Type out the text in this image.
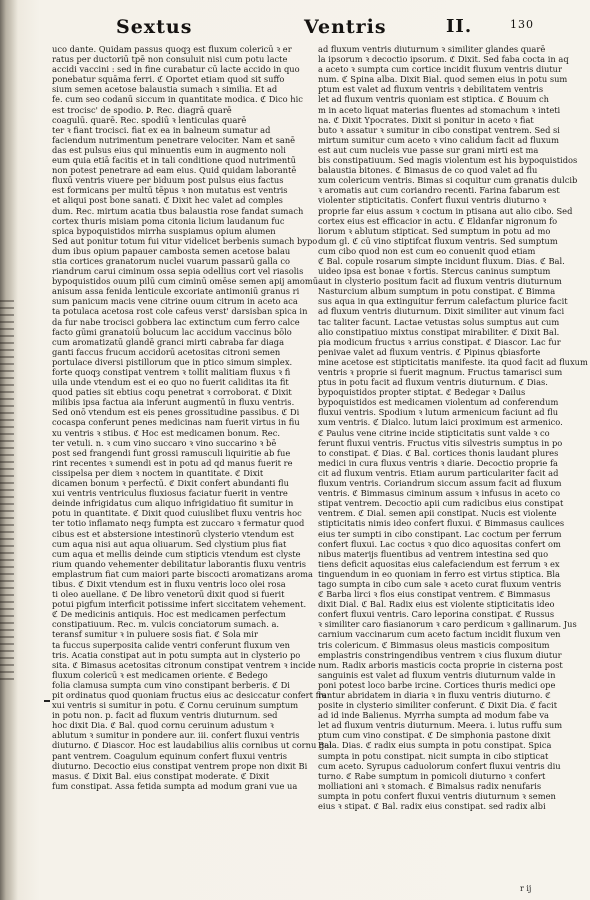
Sextus	Ventris	II.	130
uco dante. Quidam passus quoqȝ est fluxum colericū ꝛ er
ratus per ductoriū tpē non consuluit nisi cum potu lacte
accidi vaccini : sed in fine curabatur cū lacte accido in quo
ponebatur squāma ferri. ℭ Oportet etiam quod sit suffo
sium semen acetose balaustia sumach ꝛ similia. Et ad
fe. cum seo codanū siccum in quantitate modica. ℭ Dico hic
est trocisc' de spodio. Ꝧ. Rec. diagrā quarē
coagulū. quarē. Rec. spodiū ꝛ lenticulas quarē
ter ꝛ fiant trocisci. fiat ex ea in balneum sumatur ad
faciendum nutrimentum penetrare velociter. Nam et sanē
das est pulsus eius qui minuentis eum in augmento noli
eum quia etiā facitis et in tali conditione quod nutrimentū
non potest penetrare ad eam eius. Quid quidam laborantē
fluxū ventris viuere per biduum post pulsus eius factus
est formicans per multū tēpus ꝛ non mutatus est ventris
et aliqui post bone sanati. ℭ Dixit hec valet ad comples
dum. Rec. mirtum acatia tbus balaustia rose fandat sumach
cortex thuris misiam poma citonia licium laudanum fuc
spica bypoquistidos mirrha suspiamus opium alumen
Sed aut ponitur totum fui vitur videlicet berbenis sumach bypo
dum ibus opium papauer cambosta semen acetose balau
stia cortices granatorum nuclei vuarum passarū galla co
riandrum carui ciminum ossa sepia odellius cort vel riasolis
bypoquistidos ouum pilū cum ciminū omēse semen apij amomū
anisum assa fenida lenticule excoriate antimoniū granus ri
sum panicum macis vene citrine ouum citrum in aceto aca
ta potulaca acetosa rost cole cafeus verst' darsisban spica in
da fur nabe trocisci gobbera lac extinctum cum ferro calce
facto gūmi granatoiū bolucum lac accidum vaccinus bōlo
cum aromatizatū glandē granci mirti cabraba far diaga
ganti faccus frucum accidorū acetositas citroni semen
portulace diversi pistillorum que in ptico simum simplex.
forte quoqȝ constipat ventrem ꝛ tollit malitiam fluxus ꝛ fi
uila unde vtendum est ei eo quo no fuerit caliditas ita fit
quod paties sit ebtius coqu penetrat ꝛ corroborat. ℭ Dixit
milibis ipsa factua aia inferunt augmentū in fluxu ventris.
Sed onō vtendum est eis penes grossitudine passibus. ℭ Di
cocaspa conferunt penes medicinas nam fuerit virtus in fiu
xu ventris ꝛ stibus. ℭ Hoc est medicamen bonum. Rec.
ter vetuli. n. ꝛ cum vino succaro ꝛ vino succarino ꝛ bē
post sed frangendi funt grossi ramusculi liquiritie ab fue
rint recentes ꝛ sumendi est in potu ad qd manus fuerit re
cissipelsa per diem ꝛ noctem in quantitate. ℭ Dixit
dicamen bonum ꝛ perfectū. ℭ Dixit confert abundanti flu
xui ventris ventriculus fluxiosus faciatur fuerit in ventre
deinde infrigidatus cum aliquo infrigidatiuo fit sumitur in
potu in quantitate. ℭ Dixit quod cuiuslibet fluxu ventris hoc
ter totio inflamato neqȝ fumpta est zuccaro ꝛ fermatur quod
cibus est et abstersione intestinorū clysterio vtendum est
cum aqua nisi aut aqua oliuarum. Sed clystium pius fiat
cum aqua et mellis deinde cum stipticis vtendum est clyste
rium quando vehementer debilitatur laborantis fluxu ventris
emplastrum fiat cum maiori parte biscocti aromatizans aroma
tibus. ℭ Dixit vtendum est in fluxu ventris loco olei rosa
ti oleo auellane. ℭ De libro venetorū dixit quod si fuerit
potui pigfum interficit potissime infert siccitatem vehement.
ℭ De medicinis antiquis. Hoc est medicamen perfectum
constipatiuum. Rec. m. vulcis conciatorum sumach. a.
teransf sumitur ꝛ in puluere sosis fiat. ℭ Sola mir
ta fuccus superposita calide ventri conferunt fluxum ven
tris. Acatia constipat aut in potu sumpta aut in clysterio po
sita. ℭ Bimasus acetositas citronum constipat ventrem ꝛ incide
fluxum colericū ꝛ est medicamen oriente. ℭ Bedego
folia clamusa sumpta cum vino constipant berberis. ℭ Di
pit ordinatus quod quoniam fructus eius ac desiccatur confert flu
xui ventris si sumitur in potu. ℭ Cornu ceruinum sumptum
in potu non. p. facit ad fluxum ventris diuturnum. sed
hoc dixit Dia. ℭ Bal. quod cornu ceruinum adustum ꝛ
ablutum ꝛ sumitur in pondere aur. iii. confert fluxui ventris
diuturno. ℭ Diascor. Hoc est laudabilius aliis cornibus ut cornu gal
pant ventrem. Coagulum equinum confert fluxui ventris
diuturno. Decoctio eius constipat ventrem prope non dixit Bi
masus. ℭ Dixit Bal. eius constipat moderate. ℭ Dixit
fum constipat. Assa fetida sumpta ad modum grani vue ua
ad fluxum ventris diuturnum ꝛ similiter glandes quarē
la ipsorum ꝛ decoctio ipsorum. ℭ Dixit. Sed faba cocta in aq
a aceto ꝛ sumpta cum cortice incidit fluxum ventris diutur
num. ℭ Spina alba. Dixit Bial. quod semen eius in potu sum
ptum est valet ad fluxum ventris ꝛ debilitatem ventris
let ad fluxum ventris quoniam est stiptica. ℭ Bouum ch
m in aceto liquat materias fluentes ad stomachum ꝛ inteti
na. ℭ Dixit Ypocrates. Dixit si ponitur in aceto ꝛ fiat
buto ꝛ assatur ꝛ sumitur in cibo constipat ventrem. Sed si
mirtum sumitur cum aceto ꝛ vino calidum facit ad fluxum
est aut cum nucleis vue passe sur grani mirti est ma
bis constipatiuum. Sed magis violentum est his bypoquistidos
balaustia bitones. ℭ Bimasus de co quod valet ad flu
xum colericum ventris. Bimas si coquitur cum granatis dulcib
ꝛ aromatis aut cum coriandro recenti. Farina fabarum est
violenter stipticitatis. Confert fluxui ventris diuturno ꝛ
proprie far eius assum ꝛ coctum in ptisana aut alio cibo. Sed
cortex eius est efficacior in actu. ℭ Eldanfar nigronum fo
liorum ꝛ ablutum stipticat. Sed sumptum in potu ad mo
dum gl. ℭ cū vino stiptifcat fluxum ventris. Sed sumptum
cum cibo quod non est cum eo conuenit quod etiam
ℭ Bal. copule rosarum simpte incidunt fluxum. Dias. ℭ Bal.
uideo ipsa est bonae ꝛ fortis. Stercus caninus sumptum
aut in clysterio positum facit ad fluxum ventris diuturnum
Nasturcium album sumptum in potu constipat. ℭ Bimma
sus aqua in qua extinguitur ferrum calefactum plurice facit
ad fluxum ventris diuturnum. Dixit similiter aut vinum faci
tac taliter facunt. Lactae vetustas solus sumptus aut cum
alio constipatiuo mixtus constipat mirabiliter. ℭ Dixit Bal.
pia modicum fructus ꝛ arrius constipat. ℭ Diascor. Lac fur
penivae valet ad fluxum ventris. ℭ Pipinus qbiasforte
mine acetose est stipticitatis manifeste. ita quod facit ad fluxum
ventris ꝛ proprie si fuerit magnum. Fructus tamarisci sum
ptus in potu facit ad fluxum ventris diuturnum. ℭ Dias.
bypoquistidos propter stiptat. ℭ Bedegar ꝛ Dailus
bypoquistidos est medicamen violentum ad conferendum
fluxui ventris. Spodium ꝛ lutum armenicum faciunt ad flu
xum ventris. ℭ Dialco. lutum laici proximum est armenico.
ℭ Paulus vene citrine incide stipticitatis sunt valde ꝛ co
ferunt fluxui ventris. Fructus vitis silvestris sumptus in po
to constipat. ℭ Dias. ℭ Bal. cortices thonis laudant plures
medici in cura fluxus ventris ꝛ diarie. Decoctio proprie fa
cit ad fluxum ventris. Etiam aurum particulariter facit ad
fluxum ventris. Coriandrum siccum assum facit ad fluxum
ventris. ℭ Bimmasus ciminum assum ꝛ infusus in aceto co
stipat ventrem. Decoctio apii cum radicibus eius constipat
ventrem. ℭ Dial. semen apii constipat. Nucis est violente
stipticitatis nimis ideo confert fluxui. ℭ Bimmasus caulices
eius ter sumpti in cibo constipant. Lac coctum per ferrum
confert fluxui. Lac coctus ꝛ quo dico aquositas confert om
nibus materijs fluentibus ad ventrem intestina sed quo
tiens deficit aquositas eius calefaciendum est ferrum ꝛ ex
tinguendum in eo quoniam in ferro est virtus stiptica. Bla
tago sumpta in cibo cum sale ꝛ aceto curat fluxum ventris
ℭ Barba lirci ꝛ flos eius constipat ventrem. ℭ Bimmasus
dixit Dial. ℭ Bal. Radix eius est violente stipticitatis ideo
confert fluxui ventris. Caro leporina constipat. ℭ Russus
ꝛ similiter caro fiasianorum ꝛ caro perdicum ꝛ gallinarum. Jus
carnium vaccinarum cum aceto factum incidit fluxum ven
tris colericum. ℭ Bimmasus oleus masticis compositum
emplastris constringendibus ventrem ꝛ cius fluxum diutur
num. Radix arboris masticis cocta proprie in cisterna post
sanguinis est valet ad fluxum ventris diuturnum valde in
poni potest loco barbe ircine. Cortices thuris medici ope
rantur abridatem in diaria ꝛ in fluxu ventris diuturno. ℭ
posite in clysterio similiter conferunt. ℭ Dixit Dia. ℭ facit
ad id inde Balienus. Myrrha sumpta ad modum fabe va
let ad fluxum ventris diuturnum. Meera. i. lutus ruffu sum
ptum cum vino constipat. ℭ De simphonia pastone dixit
Bala. Dias. ℭ radix eius sumpta in potu constipat. Spica
sumpta in potu constipat. nicit sumpta in cibo stipticat
cum aceto. Syrupus caduolorum confert fluxui ventris diu
turno. ℭ Rabe sumptum in pomicoli diuturno ꝛ confert
molliationi ani ꝛ stomach. ℭ Bimalsus radix nenufaris
sumpta in potu confert fluxui ventris diuturnum ꝛ semen
eius ꝛ stipat. ℭ Bal. radix eius constipat. sed radix albi
r ij
